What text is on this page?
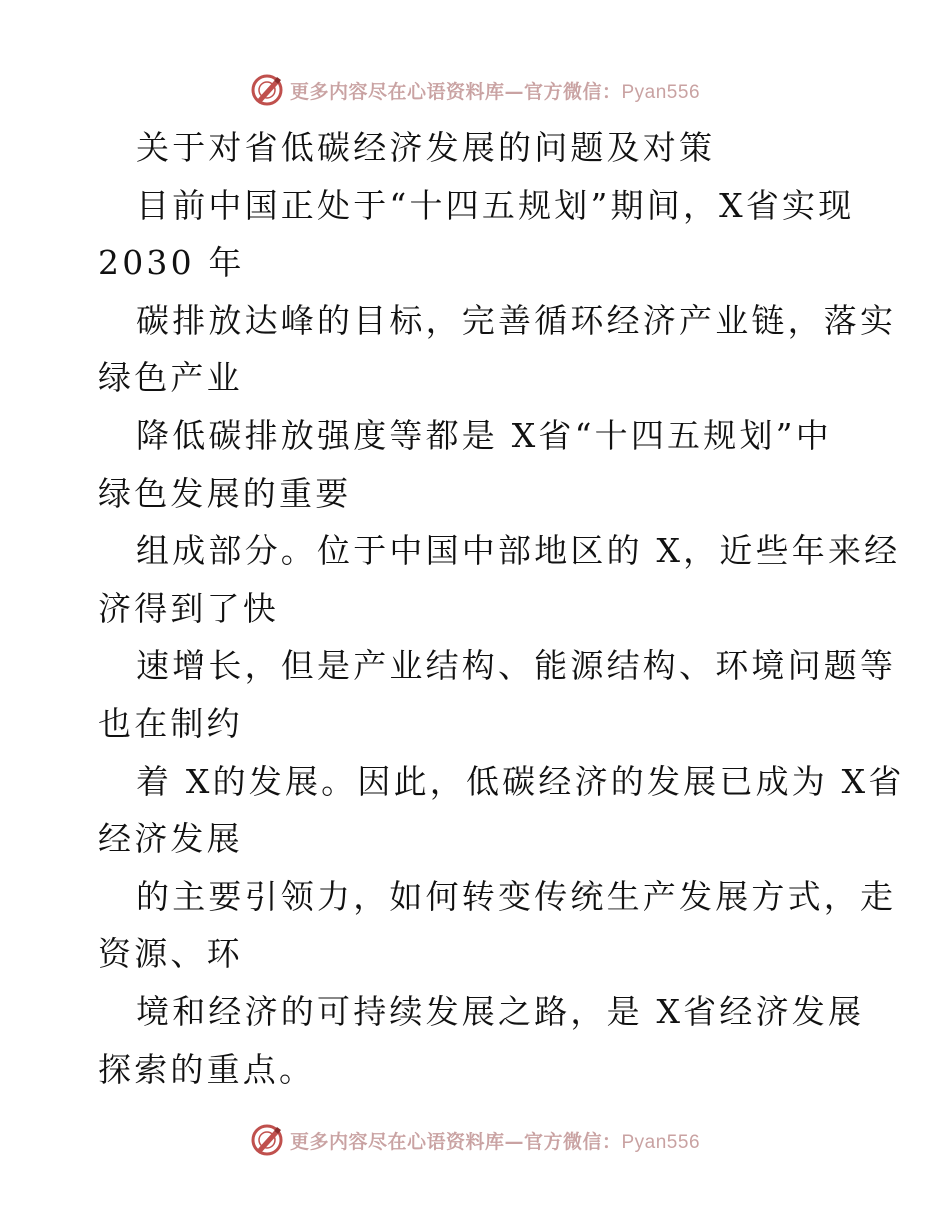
更多内容尽在心语资料库—官方微信：Pyan556
关于对省低碳经济发展的问题及对策
目前中国正处于“十四五规划”期间，X省实现
2030 年
碳排放达峰的目标，完善循环经济产业链，落实
绿色产业
降低碳排放强度等都是 X省“十四五规划”中
绿色发展的重要
组成部分。位于中国中部地区的 X，近些年来经
济得到了快
速增长，但是产业结构、能源结构、环境问题等
也在制约
着 X的发展。因此，低碳经济的发展已成为 X省
经济发展
的主要引领力，如何转变传统生产发展方式，走
资源、环
境和经济的可持续发展之路，是 X省经济发展
探索的重点。
更多内容尽在心语资料库—官方微信：Pyan556
